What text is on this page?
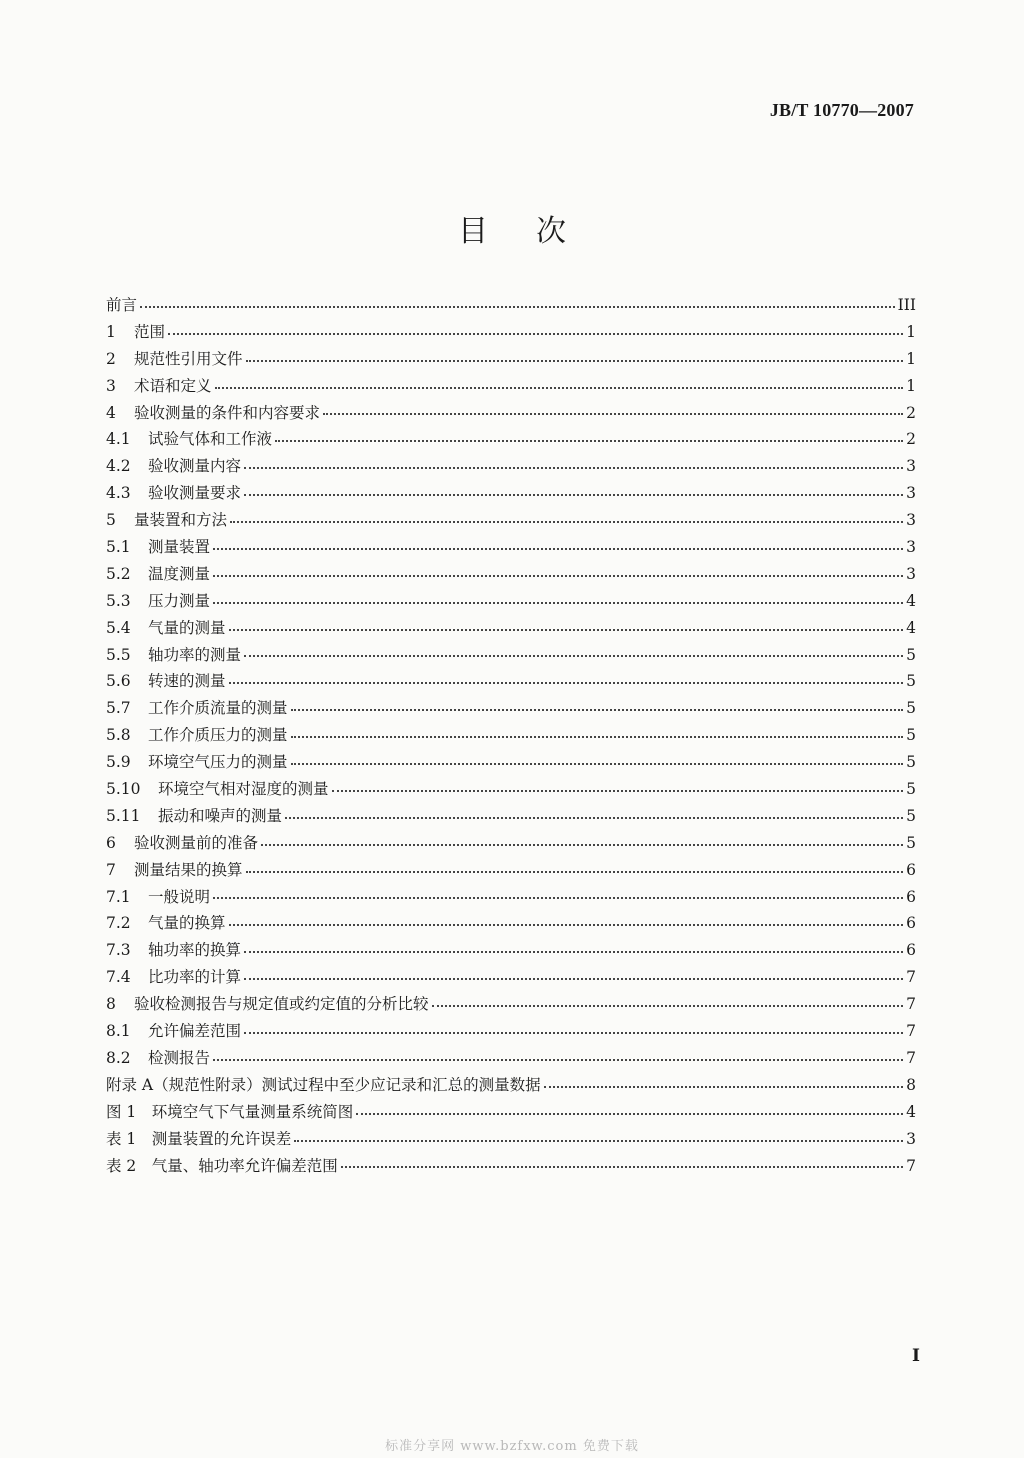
JB/T 10770—2007
目次
前言	III
1	范围	1
2	规范性引用文件	1
3	术语和定义	1
4	验收测量的条件和内容要求	2
4.1	试验气体和工作液	2
4.2	验收测量内容	3
4.3	验收测量要求	3
5	量装置和方法	3
5.1	测量装置	3
5.2	温度测量	3
5.3	压力测量	4
5.4	气量的测量	4
5.5	轴功率的测量	5
5.6	转速的测量	5
5.7	工作介质流量的测量	5
5.8	工作介质压力的测量	5
5.9	环境空气压力的测量	5
5.10	环境空气相对湿度的测量	5
5.11	振动和噪声的测量	5
6	验收测量前的准备	5
7	测量结果的换算	6
7.1	一般说明	6
7.2	气量的换算	6
7.3	轴功率的换算	6
7.4	比功率的计算	7
8	验收检测报告与规定值或约定值的分析比较	7
8.1	允许偏差范围	7
8.2	检测报告	7
附录 A（规范性附录）测试过程中至少应记录和汇总的测量数据	8
图 1　环境空气下气量测量系统简图	4
表 1　测量装置的允许误差	3
表 2　气量、轴功率允许偏差范围	7
I
标准分享网 www.bzfxw.com 免费下载
